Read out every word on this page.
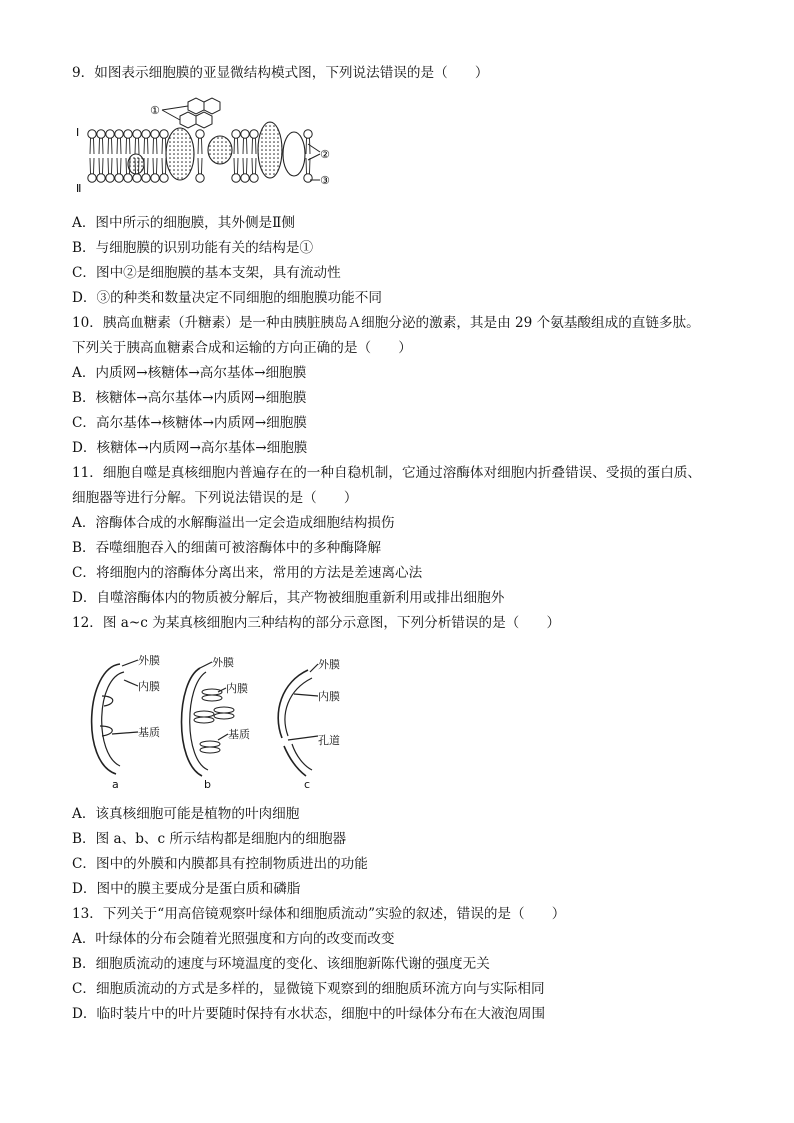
9．如图表示细胞膜的亚显微结构模式图，下列说法错误的是（　　）
Ⅰ
Ⅱ
①
②
③
A．图中所示的细胞膜，其外侧是Ⅱ侧
B．与细胞膜的识别功能有关的结构是①
C．图中②是细胞膜的基本支架，具有流动性
D．③的种类和数量决定不同细胞的细胞膜功能不同
10．胰高血糖素（升糖素）是一种由胰脏胰岛Ａ细胞分泌的激素，其是由 29 个氨基酸组成的直链多肽。
下列关于胰高血糖素合成和运输的方向正确的是（　　）
A．内质网→核糖体→高尔基体→细胞膜
B．核糖体→高尔基体→内质网→细胞膜
C．高尔基体→核糖体→内质网→细胞膜
D．核糖体→内质网→高尔基体→细胞膜
11．细胞自噬是真核细胞内普遍存在的一种自稳机制，它通过溶酶体对细胞内折叠错误、受损的蛋白质、
细胞器等进行分解。下列说法错误的是（　　）
A．溶酶体合成的水解酶溢出一定会造成细胞结构损伤
B．吞噬细胞吞入的细菌可被溶酶体中的多种酶降解
C．将细胞内的溶酶体分离出来，常用的方法是差速离心法
D．自噬溶酶体内的物质被分解后，其产物被细胞重新利用或排出细胞外
12．图 a~c 为某真核细胞内三种结构的部分示意图，下列分析错误的是（　　）
外膜
内膜
基质
a
外膜
内膜
基质
b
外膜
内膜
孔道
c
A．该真核细胞可能是植物的叶肉细胞
B．图 a、b、c 所示结构都是细胞内的细胞器
C．图中的外膜和内膜都具有控制物质进出的功能
D．图中的膜主要成分是蛋白质和磷脂
13．下列关于“用高倍镜观察叶绿体和细胞质流动”实验的叙述，错误的是（　　）
A．叶绿体的分布会随着光照强度和方向的改变而改变
B．细胞质流动的速度与环境温度的变化、该细胞新陈代谢的强度无关
C．细胞质流动的方式是多样的，显微镜下观察到的细胞质环流方向与实际相同
D．临时装片中的叶片要随时保持有水状态，细胞中的叶绿体分布在大液泡周围
